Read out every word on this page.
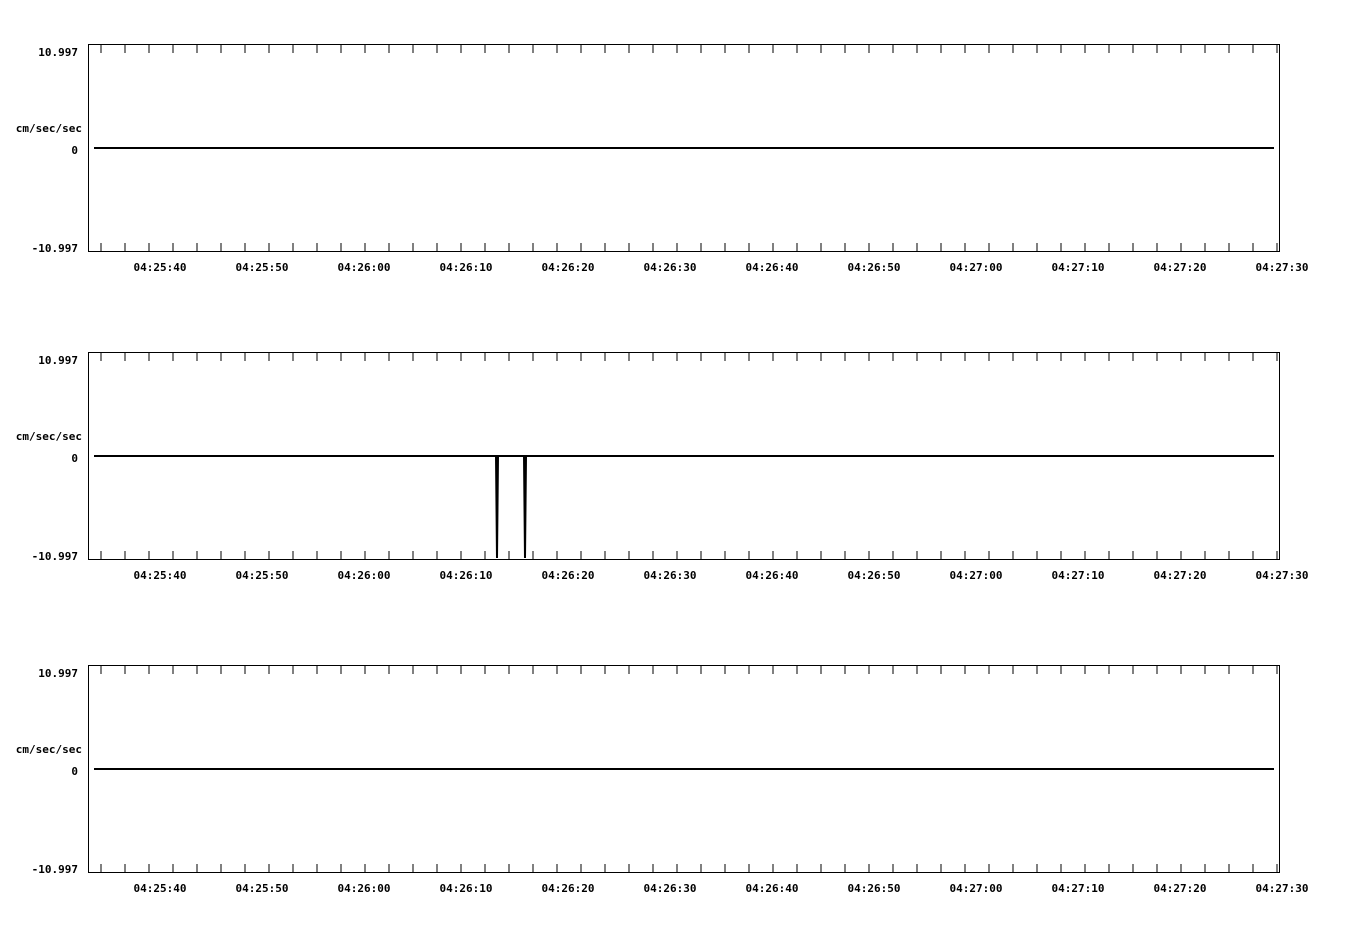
10.997
cm/sec/sec
0
-10.997
04:25:40	04:25:50	04:26:00	04:26:10	04:26:20	04:26:30	04:26:40	04:26:50	04:27:00	04:27:10	04:27:20	04:27:30

10.997
cm/sec/sec
0
-10.997
04:25:40	04:25:50	04:26:00	04:26:10	04:26:20	04:26:30	04:26:40	04:26:50	04:27:00	04:27:10	04:27:20	04:27:30

10.997
cm/sec/sec
0
-10.997
04:25:40	04:25:50	04:26:00	04:26:10	04:26:20	04:26:30	04:26:40	04:26:50	04:27:00	04:27:10	04:27:20	04:27:30
